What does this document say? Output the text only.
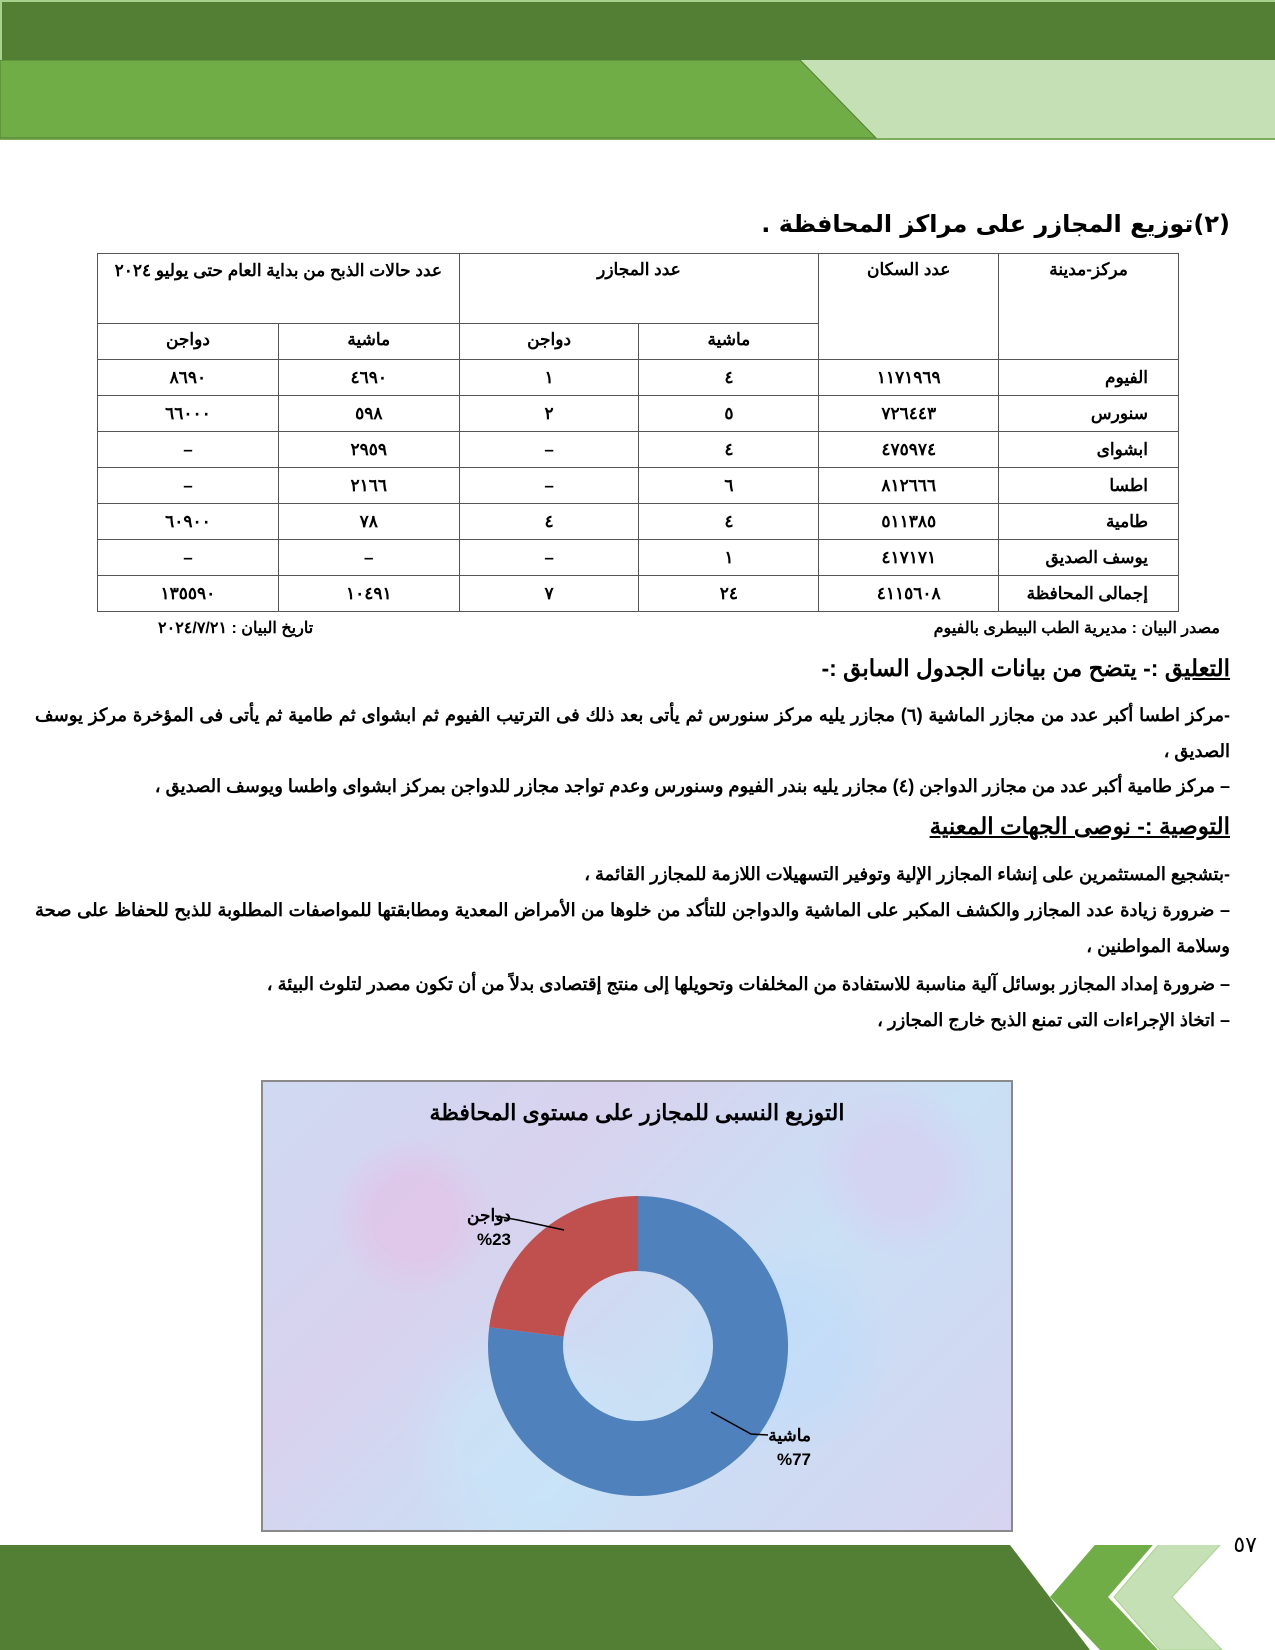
(٢)توزيع المجازر على مراكز المحافظة .
مركز-مدينة	عدد السكان	عدد المجازر		عدد حالات الذبح من بداية العام حتى يوليو ٢٠٢٤	
		ماشية	دواجن	ماشية	دواجن
الفيوم	١١٧١٩٦٩	٤	١	٤٦٩٠	٨٦٩٠
سنورس	٧٢٦٤٤٣	٥	٢	٥٩٨	٦٦٠٠٠
ابشواى	٤٧٥٩٧٤	٤	–	٢٩٥٩	–
اطسا	٨١٢٦٦٦	٦	–	٢١٦٦	–
طامية	٥١١٣٨٥	٤	٤	٧٨	٦٠٩٠٠
يوسف الصديق	٤١٧١٧١	١	–	–	–
إجمالى المحافظة	٤١١٥٦٠٨	٢٤	٧	١٠٤٩١	١٣٥٥٩٠
مصدر البيان : مديرية الطب البيطرى بالفيوم
تاريخ البيان : ٢٠٢٤/٧/٢١
التعليق :- يتضح من بيانات الجدول السابق :-
-مركز اطسا أكبر عدد من مجازر الماشية (٦) مجازر يليه مركز سنورس ثم يأتى بعد ذلك فى الترتيب الفيوم ثم ابشواى ثم طامية ثم يأتى فى المؤخرة مركز يوسف الصديق ،
– مركز طامية أكبر عدد من مجازر الدواجن (٤) مجازر يليه بندر الفيوم وسنورس وعدم تواجد مجازر للدواجن بمركز ابشواى واطسا ويوسف الصديق ،
التوصية :- نوصى الجهات المعنية
-بتشجيع المستثمرين على إنشاء المجازر الإلية وتوفير التسهيلات اللازمة للمجازر القائمة ،
– ضرورة زيادة عدد المجازر والكشف المكبر على الماشية والدواجن للتأكد من خلوها من الأمراض المعدية ومطابقتها للمواصفات المطلوبة للذبح للحفاظ على صحة وسلامة المواطنين ،
– ضرورة إمداد المجازر بوسائل آلية مناسبة للاستفادة من المخلفات وتحويلها إلى منتج إقتصادى بدلاً من أن تكون مصدر لتلوث البيئة ،
– اتخاذ الإجراءات التى تمنع الذبح خارج المجازر ،
التوزيع النسبى للمجازر على مستوى المحافظة
دواجن
%23
ماشية
%77
٥٧
